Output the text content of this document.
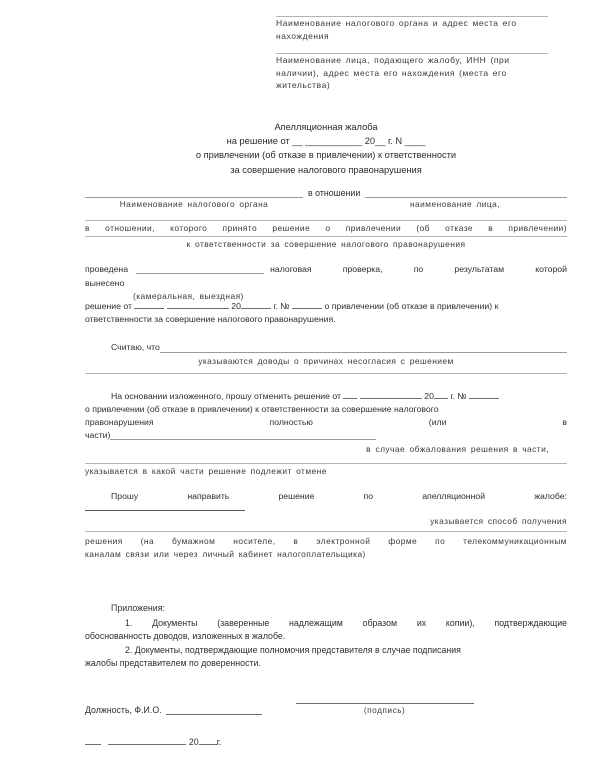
Наименование налогового органа и адрес места его нахождения
Наименование лица, подающего жалобу, ИНН (при наличии), адрес места его нахождения (места его жительства)
Апелляционная жалоба
на решение от __ ___________ 20__ г. N ____
о привлечении (об отказе в привлечении) к ответственности
за совершение налогового правонарушения
в отношении
Наименование налогового органа	наименование лица,
в отношении, которого принято решение о привлечении (об отказе в привлечении)
к ответственности за совершение налогового правонарушения
проведена	налоговая проверка, по результатам которой
вынесено
(камеральная, выездная)
решение от	20	г. №	о привлечении (об отказе в привлечении) к
ответственности за совершение налогового правонарушения.
Считаю, что
указываются доводы о причинах несогласия с решением
На основании изложенного, прошу отменить решение от	20 г. №
о привлечении (об отказе в привлечении) к ответственности за совершение налогового
правонарушения	полностью	(или	в
части)
в случае обжалования решения в части,
указывается в какой части решение подлежит отмене
Прошу	направить	решение	по	апелляционной	жалобе:
указывается способ получения
решения (на бумажном носителе, в электронной форме по телекоммуникационным
каналам связи или через личный кабинет налогоплательщика)
Приложения:
1. Документы (заверенные надлежащим образом их копии), подтверждающие
обоснованность доводов, изложенных в жалобе.
2. Документы, подтверждающие полномочия представителя в случае подписания
жалобы представителем по доверенности.
Должность, Ф.И.О.	(подпись)
20 г.
